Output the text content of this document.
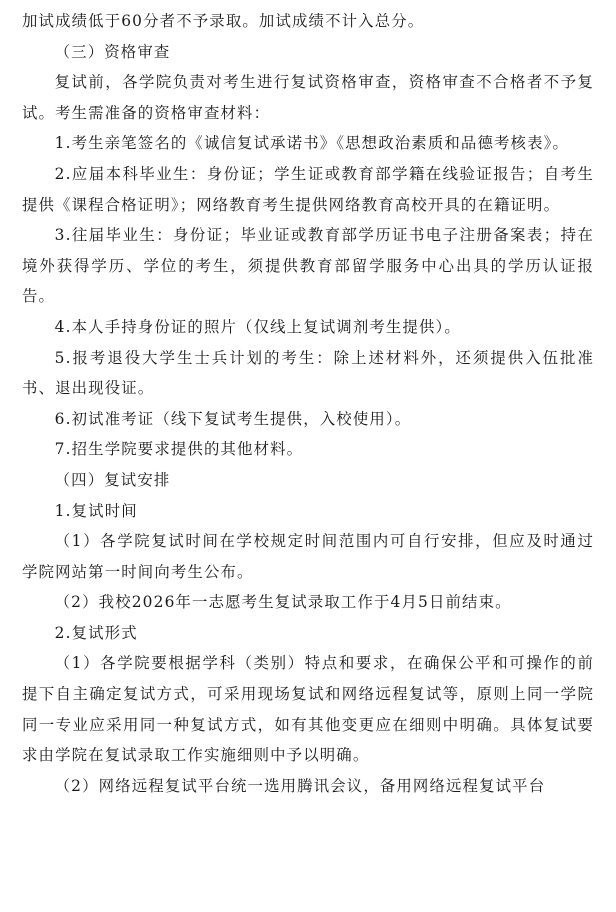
加试成绩低于60分者不予录取。加试成绩不计入总分。

（三）资格审查

复试前，各学院负责对考生进行复试资格审查，资格审查不合格者不予复试。考生需准备的资格审查材料：

1.考生亲笔签名的《诚信复试承诺书》《思想政治素质和品德考核表》。

2.应届本科毕业生：身份证；学生证或教育部学籍在线验证报告；自考生提供《课程合格证明》；网络教育考生提供网络教育高校开具的在籍证明。

3.往届毕业生：身份证；毕业证或教育部学历证书电子注册备案表；持在境外获得学历、学位的考生，须提供教育部留学服务中心出具的学历认证报告。

4.本人手持身份证的照片（仅线上复试调剂考生提供）。

5.报考退役大学生士兵计划的考生：除上述材料外，还须提供入伍批准书、退出现役证。

6.初试准考证（线下复试考生提供，入校使用）。

7.招生学院要求提供的其他材料。

（四）复试安排

1.复试时间

（1）各学院复试时间在学校规定时间范围内可自行安排，但应及时通过学院网站第一时间向考生公布。

（2）我校2026年一志愿考生复试录取工作于4月5日前结束。

2.复试形式

（1）各学院要根据学科（类别）特点和要求，在确保公平和可操作的前提下自主确定复试方式，可采用现场复试和网络远程复试等，原则上同一学院同一专业应采用同一种复试方式，如有其他变更应在细则中明确。具体复试要求由学院在复试录取工作实施细则中予以明确。

（2）网络远程复试平台统一选用腾讯会议，备用网络远程复试平台
